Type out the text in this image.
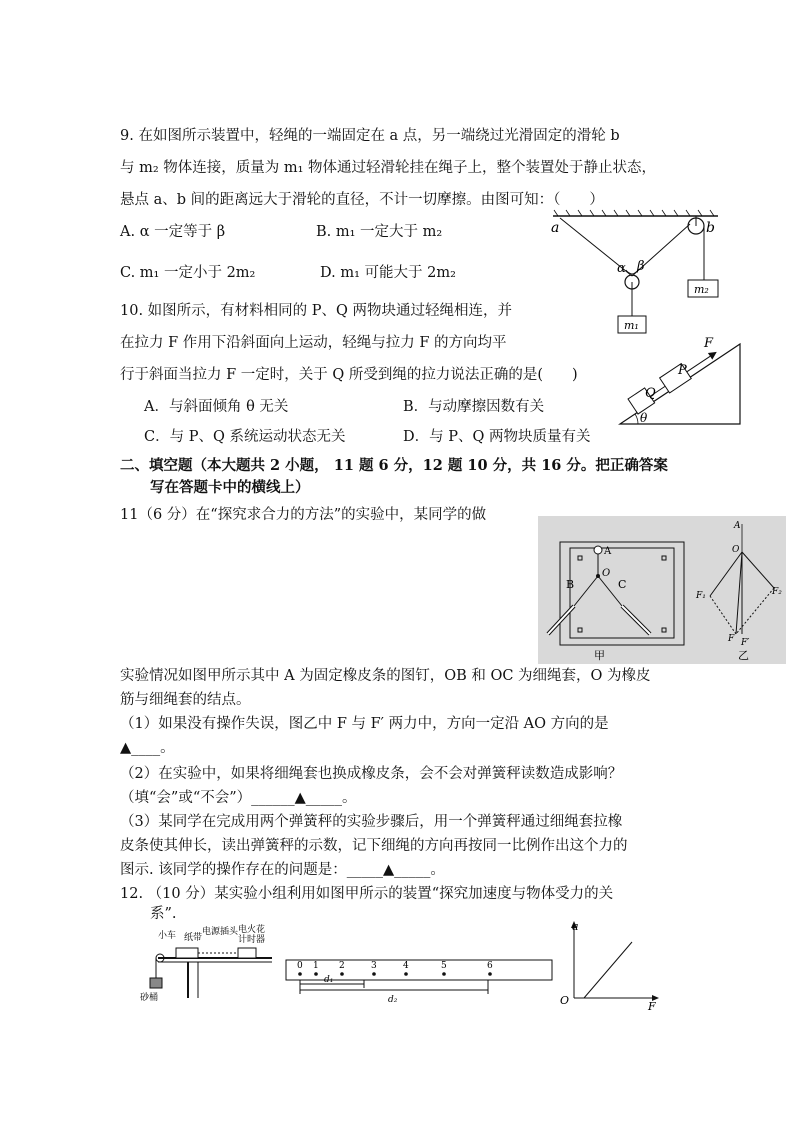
9. 在如图所示装置中，轻绳的一端固定在 a 点，另一端绕过光滑固定的滑轮 b
与 m₂ 物体连接，质量为 m₁ 物体通过轻滑轮挂在绳子上，整个装置处于静止状态，
悬点 a、b 间的距离远大于滑轮的直径，不计一切摩擦。由图可知：（　　）
A. α 一定等于 β	B. m₁ 一定大于 m₂
C. m₁ 一定小于 2m₂	D. m₁ 可能大于 2m₂
a	b
α β
m₁
m₂
10. 如图所示，有材料相同的 P、Q 两物块通过轻绳相连，并
在拉力 F 作用下沿斜面向上运动，轻绳与拉力 F 的方向均平
行于斜面当拉力 F 一定时，关于 Q 所受到绳的拉力说法正确的是(　　)
A．与斜面倾角 θ 无关	B．与动摩擦因数有关
C．与 P、Q 系统运动状态无关	D．与 P、Q 两物块质量有关
θ
Q
P
F
二、填空题（本大题共 2 小题， 11 题 6 分，12 题 10 分，共 16 分。把正确答案
写在答题卡中的横线上）
11（6 分）在“探究求合力的方法”的实验中，某同学的做
A
B	C
O
甲
A
O
F₁	F₂
F F′
乙
实验情况如图甲所示其中 A 为固定橡皮条的图钉，OB 和 OC 为细绳套，O 为橡皮
筋与细绳套的结点。
（1）如果没有操作失误，图乙中 F 与 F′ 两力中，方向一定沿 AO 方向的是
▲____。
（2）在实验中，如果将细绳套也换成橡皮条，会不会对弹簧秤读数造成影响？
（填“会”或“不会”）______▲_____。
（3）某同学在完成用两个弹簧秤的实验步骤后，用一个弹簧秤通过细绳套拉橡
皮条使其伸长，读出弹簧秤的示数，记下细绳的方向再按同一比例作出这个力的
图示. 该同学的操作存在的问题是：_____▲_____。
12. （10 分）某实验小组利用如图甲所示的装置“探究加速度与物体受力的关
系”.
小车 纸带
电源插头 电火花
计时器
砂桶
0 1 2	3	4	5	6
d₁
d₂
a
F
O
